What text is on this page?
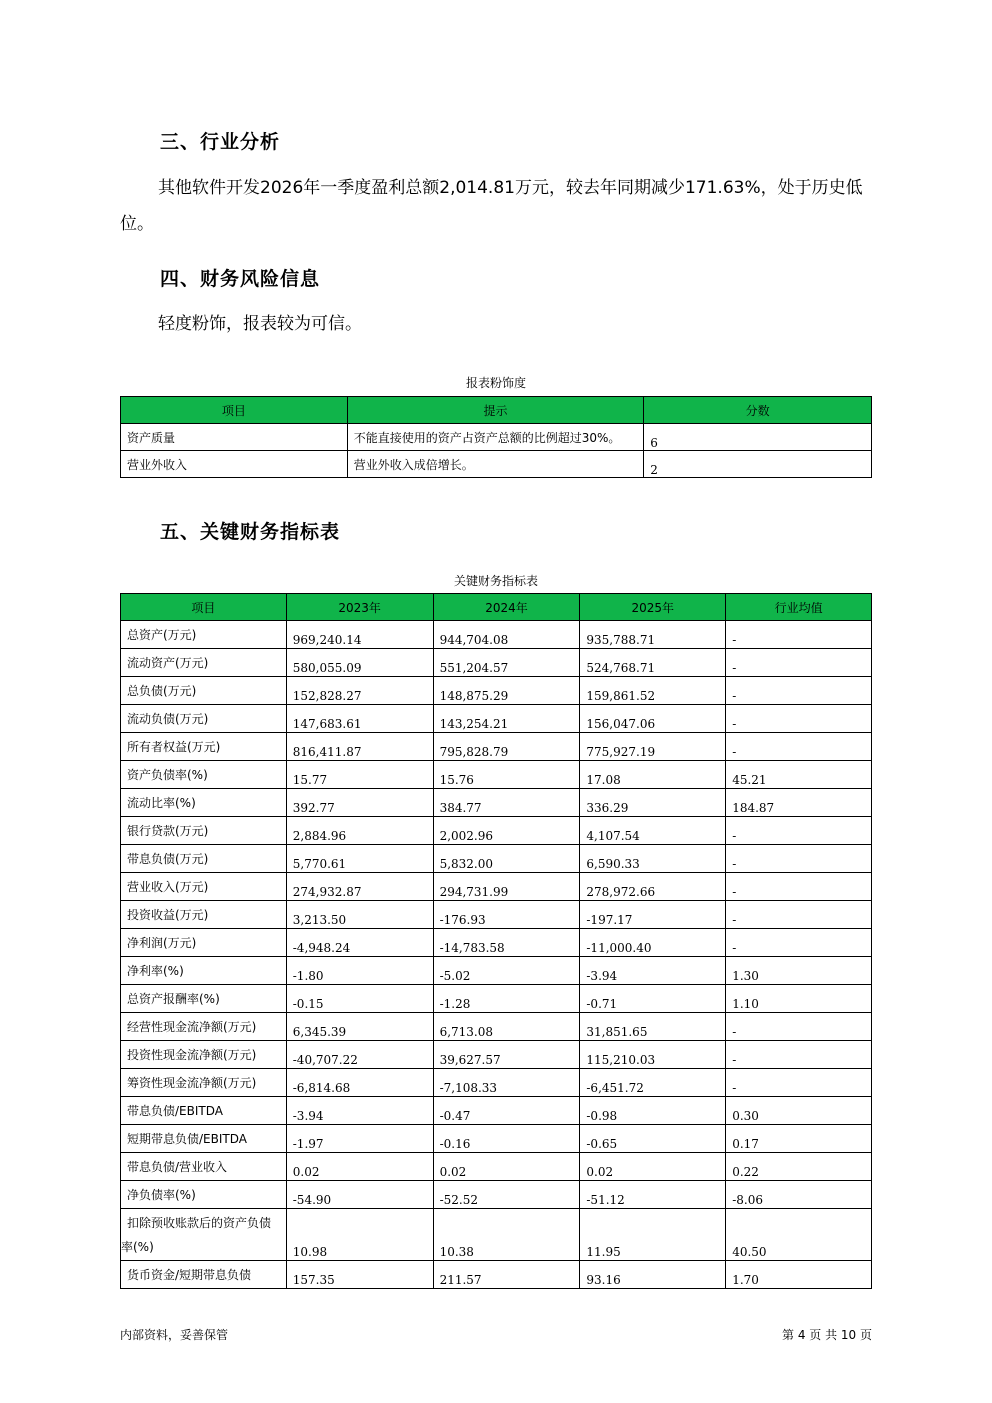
三、行业分析

其他软件开发2026年一季度盈利总额2,014.81万元，较去年同期减少171.63%，处于历史低位。

四、财务风险信息

轻度粉饰，报表较为可信。

报表粉饰度
项目	提示	分数
资产质量	不能直接使用的资产占资产总额的比例超过30%。	6
营业外收入	营业外收入成倍增长。	2
五、关键财务指标表
关键财务指标表
项目	2023年	2024年	2025年	行业均值
总资产(万元)	969,240.14	944,704.08	935,788.71	-
流动资产(万元)	580,055.09	551,204.57	524,768.71	-
总负债(万元)	152,828.27	148,875.29	159,861.52	-
流动负债(万元)	147,683.61	143,254.21	156,047.06	-
所有者权益(万元)	816,411.87	795,828.79	775,927.19	-
资产负债率(%)	15.77	15.76	17.08	45.21
流动比率(%)	392.77	384.77	336.29	184.87
银行贷款(万元)	2,884.96	2,002.96	4,107.54	-
带息负债(万元)	5,770.61	5,832.00	6,590.33	-
营业收入(万元)	274,932.87	294,731.99	278,972.66	-
投资收益(万元)	3,213.50	-176.93	-197.17	-
净利润(万元)	-4,948.24	-14,783.58	-11,000.40	-
净利率(%)	-1.80	-5.02	-3.94	1.30
总资产报酬率(%)	-0.15	-1.28	-0.71	1.10
经营性现金流净额(万元)	6,345.39	6,713.08	31,851.65	-
投资性现金流净额(万元)	-40,707.22	39,627.57	115,210.03	-
筹资性现金流净额(万元)	-6,814.68	-7,108.33	-6,451.72	-
带息负债/EBITDA	-3.94	-0.47	-0.98	0.30
短期带息负债/EBITDA	-1.97	-0.16	-0.65	0.17
带息负债/营业收入	0.02	0.02	0.02	0.22
净负债率(%)	-54.90	-52.52	-51.12	-8.06
扣除预收账款后的资产负债率(%)	10.98	10.38	11.95	40.50
货币资金/短期带息负债	157.35	211.57	93.16	1.70
内部资料，妥善保管	第 4 页 共 10 页
